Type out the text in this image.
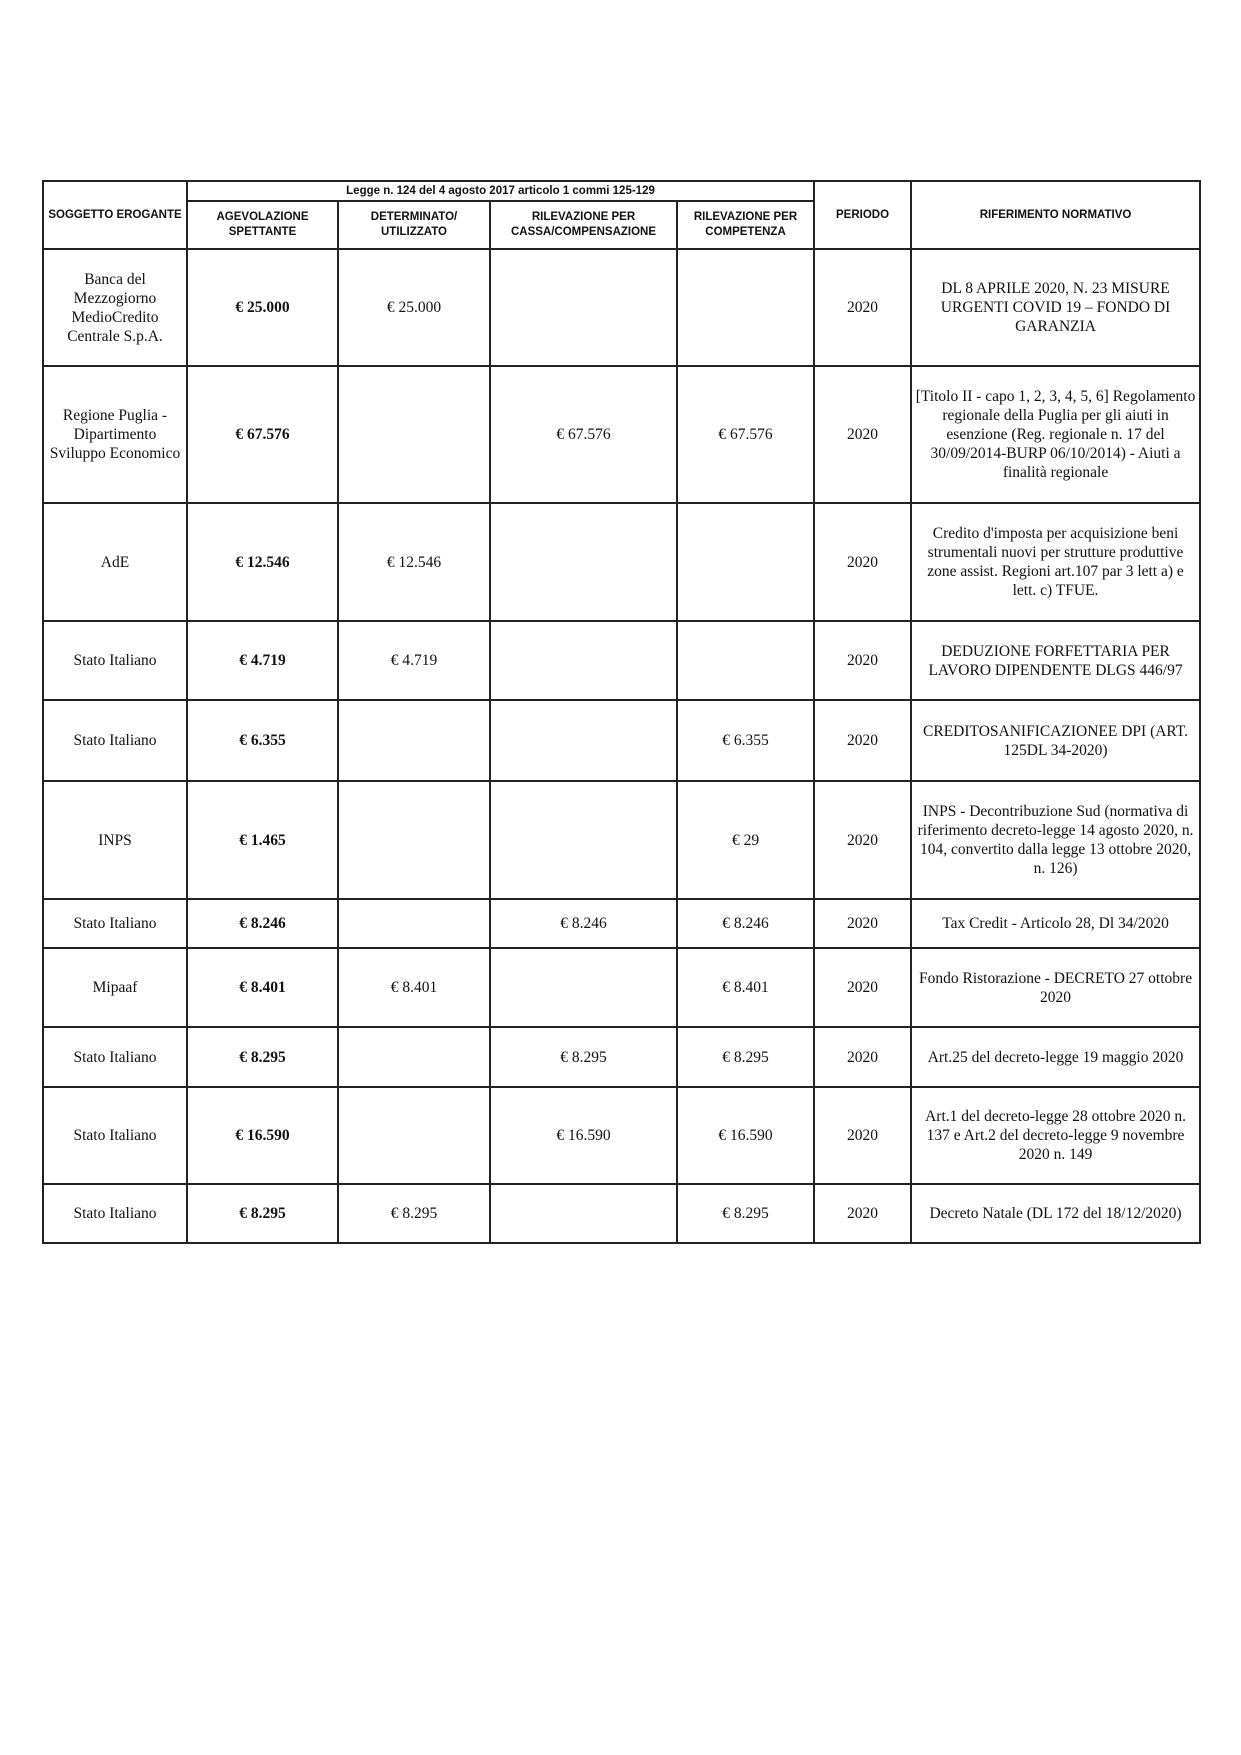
SOGGETTO EROGANTE	Legge n. 124 del 4 agosto 2017 articolo 1 commi 125-129				PERIODO	RIFERIMENTO NORMATIVO
	AGEVOLAZIONE SPETTANTE	DETERMINATO/ UTILIZZATO	RILEVAZIONE PER CASSA/COMPENSAZIONE	RILEVAZIONE PER COMPETENZA		
Banca del Mezzogiorno MedioCredito Centrale S.p.A.	€ 25.000	€ 25.000			2020	DL 8 APRILE 2020, N. 23 MISURE URGENTI COVID 19 – FONDO DI GARANZIA
Regione Puglia - Dipartimento Sviluppo Economico	€ 67.576		€ 67.576	€ 67.576	2020	[Titolo II - capo 1, 2, 3, 4, 5, 6] Regolamento regionale della Puglia per gli aiuti in esenzione (Reg. regionale n. 17 del 30/09/2014-BURP 06/10/2014) - Aiuti a finalità regionale
AdE	€ 12.546	€ 12.546			2020	Credito d'imposta per acquisizione beni strumentali nuovi per strutture produttive zone assist. Regioni art.107 par 3 lett a) e lett. c) TFUE.
Stato Italiano	€ 4.719	€ 4.719			2020	DEDUZIONE FORFETTARIA PER LAVORO DIPENDENTE DLGS 446/97
Stato Italiano	€ 6.355			€ 6.355	2020	CREDITOSANIFICAZIONEE DPI (ART. 125DL 34-2020)
INPS	€ 1.465			€ 29	2020	INPS - Decontribuzione Sud (normativa di riferimento decreto-legge 14 agosto 2020, n. 104, convertito dalla legge 13 ottobre 2020, n. 126)
Stato Italiano	€ 8.246		€ 8.246	€ 8.246	2020	Tax Credit - Articolo 28, Dl 34/2020
Mipaaf	€ 8.401	€ 8.401		€ 8.401	2020	Fondo Ristorazione - DECRETO 27 ottobre 2020
Stato Italiano	€ 8.295		€ 8.295	€ 8.295	2020	Art.25 del decreto-legge 19 maggio 2020
Stato Italiano	€ 16.590		€ 16.590	€ 16.590	2020	Art.1 del decreto-legge 28 ottobre 2020 n. 137 e Art.2 del decreto-legge 9 novembre 2020 n. 149
Stato Italiano	€ 8.295	€ 8.295		€ 8.295	2020	Decreto Natale (DL 172 del 18/12/2020)
